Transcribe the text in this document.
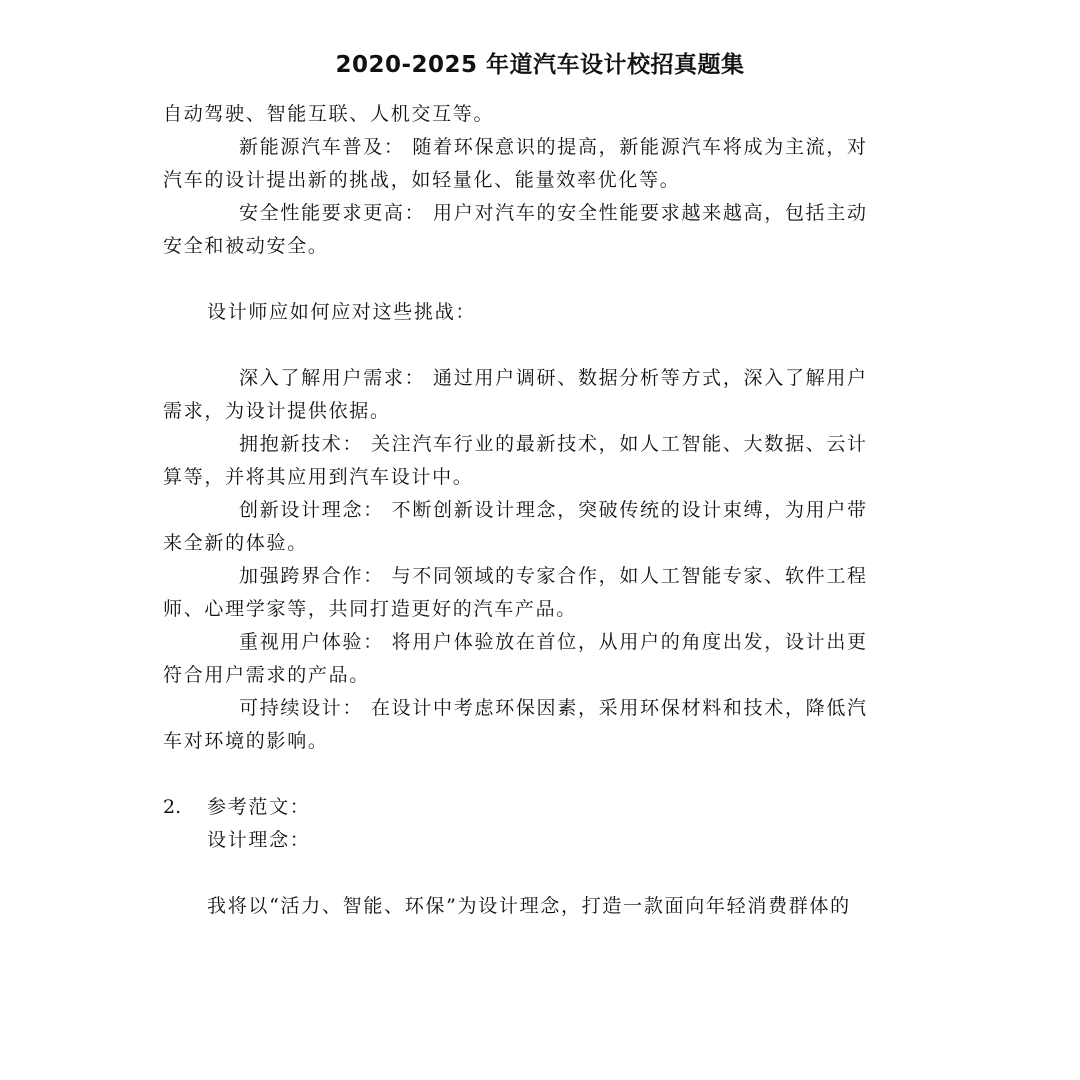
2020-2025 年道汽车设计校招真题集
自动驾驶、智能互联、人机交互等。
新能源汽车普及： 随着环保意识的提高，新能源汽车将成为主流，对
汽车的设计提出新的挑战，如轻量化、能量效率优化等。
安全性能要求更高： 用户对汽车的安全性能要求越来越高，包括主动
安全和被动安全。
设计师应如何应对这些挑战：
深入了解用户需求： 通过用户调研、数据分析等方式，深入了解用户
需求，为设计提供依据。
拥抱新技术： 关注汽车行业的最新技术，如人工智能、大数据、云计
算等，并将其应用到汽车设计中。
创新设计理念： 不断创新设计理念，突破传统的设计束缚，为用户带
来全新的体验。
加强跨界合作： 与不同领域的专家合作，如人工智能专家、软件工程
师、心理学家等，共同打造更好的汽车产品。
重视用户体验： 将用户体验放在首位，从用户的角度出发，设计出更
符合用户需求的产品。
可持续设计： 在设计中考虑环保因素，采用环保材料和技术，降低汽
车对环境的影响。
2. 参考范文：
设计理念：
我将以“活力、智能、环保”为设计理念，打造一款面向年轻消费群体的
